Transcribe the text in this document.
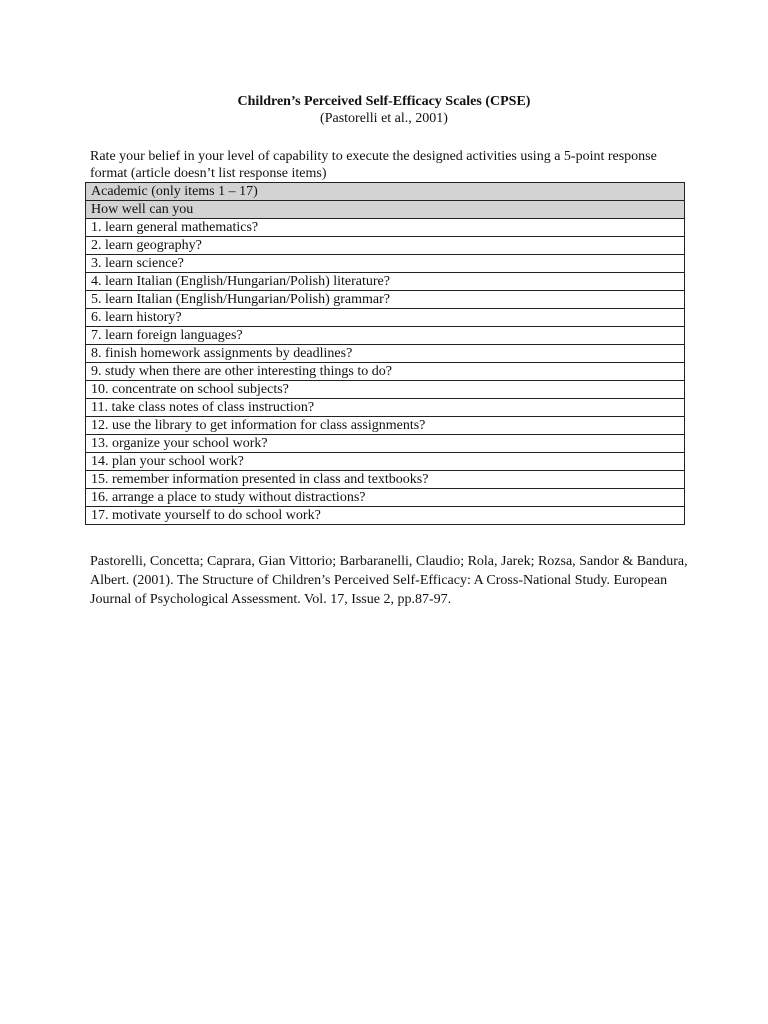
Children’s Perceived Self-Efficacy Scales (CPSE)
(Pastorelli et al., 2001)
Rate your belief in your level of capability to execute the designed activities using a 5-point response format (article doesn’t list response items)
Academic (only items 1 – 17)
How well can you
1. learn general mathematics?
2. learn geography?
3. learn science?
4. learn Italian (English/Hungarian/Polish) literature?
5. learn Italian (English/Hungarian/Polish) grammar?
6. learn history?
7. learn foreign languages?
8. finish homework assignments by deadlines?
9. study when there are other interesting things to do?
10. concentrate on school subjects?
11. take class notes of class instruction?
12. use the library to get information for class assignments?
13. organize your school work?
14. plan your school work?
15. remember information presented in class and textbooks?
16. arrange a place to study without distractions?
17. motivate yourself to do school work?
Pastorelli, Concetta; Caprara, Gian Vittorio; Barbaranelli, Claudio; Rola, Jarek; Rozsa, Sandor & Bandura, Albert. (2001). The Structure of Children’s Perceived Self-Efficacy: A Cross-National Study. European Journal of Psychological Assessment. Vol. 17, Issue 2, pp.87-97.
